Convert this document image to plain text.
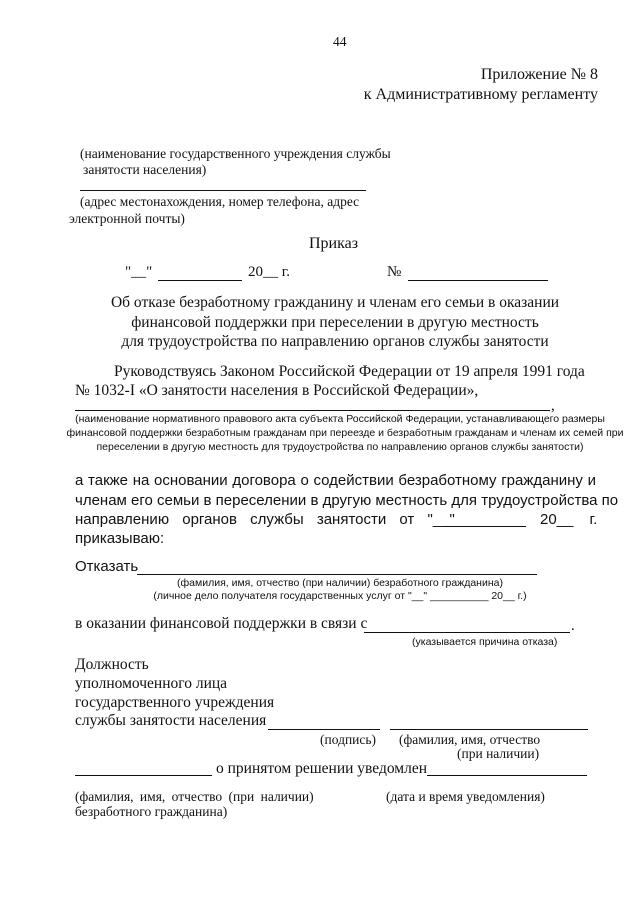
44
Приложение № 8
к Административному регламенту
(наименование государственного учреждения службы
занятости населения)
(адрес местонахождения, номер телефона, адрес
электронной почты)
Приказ
"__"	20__ г.	№
Об отказе безработному гражданину и членам его семьи в оказании
финансовой поддержки при переселении в другую местность
для трудоустройства по направлению органов службы занятости
Руководствуясь Законом Российской Федерации от 19 апреля 1991 года
№ 1032-I «О занятости населения в Российской Федерации»,
,
(наименование нормативного правового акта субъекта Российской Федерации, устанавливающего размеры
финансовой поддержки безработным гражданам при переезде и безработным гражданам и членам их семей при
переселении в другую местность для трудоустройства по направлению органов службы занятости)
а также на основании договора о содействии безработному гражданину и
членам его семьи в переселении в другую местность для трудоустройства по
направлению органов службы занятости от "__"	20__ г.
приказываю:
Отказать
(фамилия, имя, отчество (при наличии) безработного гражданина)
(личное дело получателя государственных услуг от "__" __________ 20__ г.)
в оказании финансовой поддержки в связи с	.
(указывается причина отказа)
Должность
уполномоченного лица
государственного учреждения
службы занятости населения
(подпись) (фамилия, имя, отчество
(при наличии)
о принятом решении уведомлен
(фамилия, имя, отчество (при наличии)
безработного гражданина)
(дата и время уведомления)
